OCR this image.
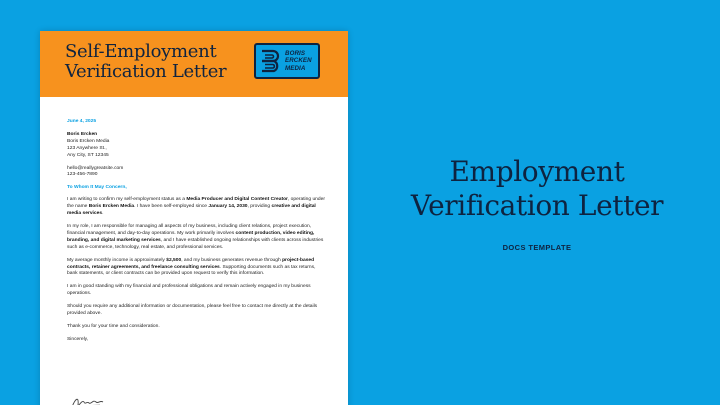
Self-Employment
Verification Letter
BORIS
ERCKEN
MEDIA
June 4, 2025
Boris Ercken
Boris Ercken Media
123 Anywhere St.,
Any City, ST 12345
hello@reallygreatsite.com
123-456-7890
To Whom It May Concern,

I am writing to confirm my self-employment status as a Media Producer and Digital Content Creator, operating under the name Boris Ercken Media. I have been self-employed since January 14, 2030, providing creative and digital media services.

In my role, I am responsible for managing all aspects of my business, including client relations, project execution, financial management, and day-to-day operations. My work primarily involves content production, video editing, branding, and digital marketing services, and I have established ongoing relationships with clients across industries such as e-commerce, technology, real estate, and professional services.

My average monthly income is approximately $2,500, and my business generates revenue through project-based contracts, retainer agreements, and freelance consulting services. Supporting documents such as tax returns, bank statements, or client contracts can be provided upon request to verify this information.

I am in good standing with my financial and professional obligations and remain actively engaged in my business operations.

Should you require any additional information or documentation, please feel free to contact me directly at the details provided above.

Thank you for your time and consideration.

Sincerely,
Employment
Verification Letter
DOCS TEMPLATE
